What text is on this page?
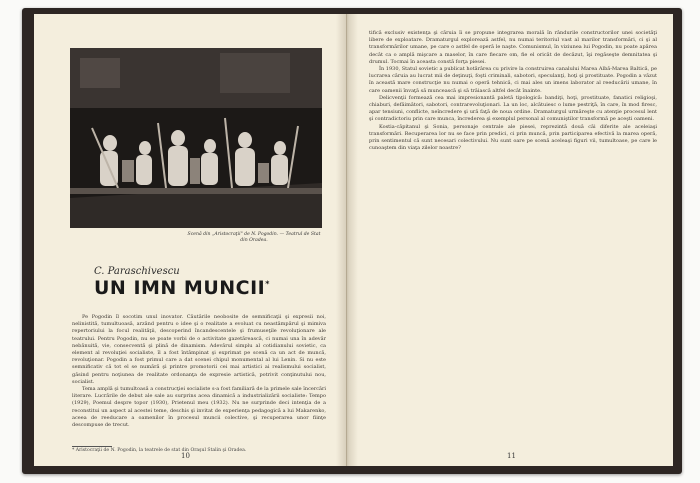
Scenă din „Aristocraţii" de N. Pogodin. — Teatrul de Stat din Oradea.
C. Paraschivescu
UN IMN MUNCII*

Pe Pogodin îl socotim unul inovator. Căutările neobosite de semnificaţii şi expresii noi, nelinistită, tumultuoasă, arzând pentru o idee şi o realitate a evoluat cu neastâmpărul şi mimiva repertoriului la focul realităţii, descoperind încandescentele şi frumuseţile revoluţionare ale teatrului. Pentru Pogodin, nu se poate vorbi de o activitate gazetărească, ci numai una în adevăr nebănuită, vie, consecventă şi plină de dinamism. Adevărul simplu al cotidianului sovietic, ca element al revoluţiei socialiste, îl a fost întâmpinat şi exprimat pe scenă ca un act de muncă, revoluţionar. Pogodin a fost primul care a dat scenei chipul monumental al lui Lenin. Si nu este semnificativ că tot el se numără şi printre promotorii cei mai artistici ai realismului socialist, găsind pentru noţiunea de realitate ordonanţa de expresie artistică, potrivit conţinutului nou, socialist.

Tema amplă şi tumultoasă a construcţiei socialiste s-a fost familiară de la primele sale încercări literare. Lucrările de debut ale sale au surprins acea dinamică a industrializării socialiste: Tempo (1929), Poemul despre topor (1930), Prietenul meu (1932). Nu ne surprinde deci intenţia de a reconstitui un aspect al acestei teme, deschis şi invitat de experienţa pedagogică a lui Makarenko, aceea de reeducare a oamenilor în procesul muncii colective, şi recuperarea unor fiinţe descompuse de trecut.

* Aristocraţii de N. Pogodin, la teatrele de stat din Oraşul Stalin şi Oradea.
10

tifică exclusiv existenţa şi căruia îi se propune integrarea morală în rândurile constructorilor unei societăţi libere de exploatare. Dramaturgul explorează astfel, nu numai teritoriul vast al marilor transformări, ci şi al transformărilor umane, pe care o astfel de operă le naşte. Comunismul, în viziunea lui Pogodin, nu poate apărea decât ca o amplă mişcare a maselor, în care fiecare om, fie el oricât de decăzut, îşi regăseşte demnitatea şi drumul. Tocmai în aceasta constă forţa piesei.

În 1930, Statul sovietic a publicat hotărârea cu privire la construirea canalului Marea Albă-Marea Baltică, pe lucrarea căruia au lucrat mii de deţinuţi, foşti criminali, sabotori, speculanţi, hoţi şi prostituate. Pogodin a văzut în această mare construcţie nu numai o operă tehnică, ci mai ales un imens laborator al reeducării umane, în care oamenii învaţă să muncească şi să trăiască altfel decât înainte.

Delicvenţii formează cea mai impresionantă paletă tipologică: bandiţi, hoţi, prostituate, fanatici religioşi, chiaburi, defăimători, sabotori, contrarevoluţionari. La un loc, alcătuiesc o lume pestriţă, în care, în mod firesc, apar tensiuni, conflicte, neîncredere şi ură faţă de noua ordine. Dramaturgul urmăreşte cu atenţie procesul lent şi contradictoriu prin care munca, încrederea şi exemplul personal al comuniştilor transformă pe aceşti oameni.

Kostia-căpitanul şi Sonia, personaje centrale ale piesei, reprezintă două căi diferite ale aceleiaşi transformări. Recuperarea lor nu se face prin predici, ci prin muncă, prin participarea efectivă la marea operă, prin sentimentul că sunt necesari colectivului. Nu sunt oare pe scenă aceleaşi figuri vii, tumultoase, pe care le cunoaştem din viaţa zilelor noastre?

11
